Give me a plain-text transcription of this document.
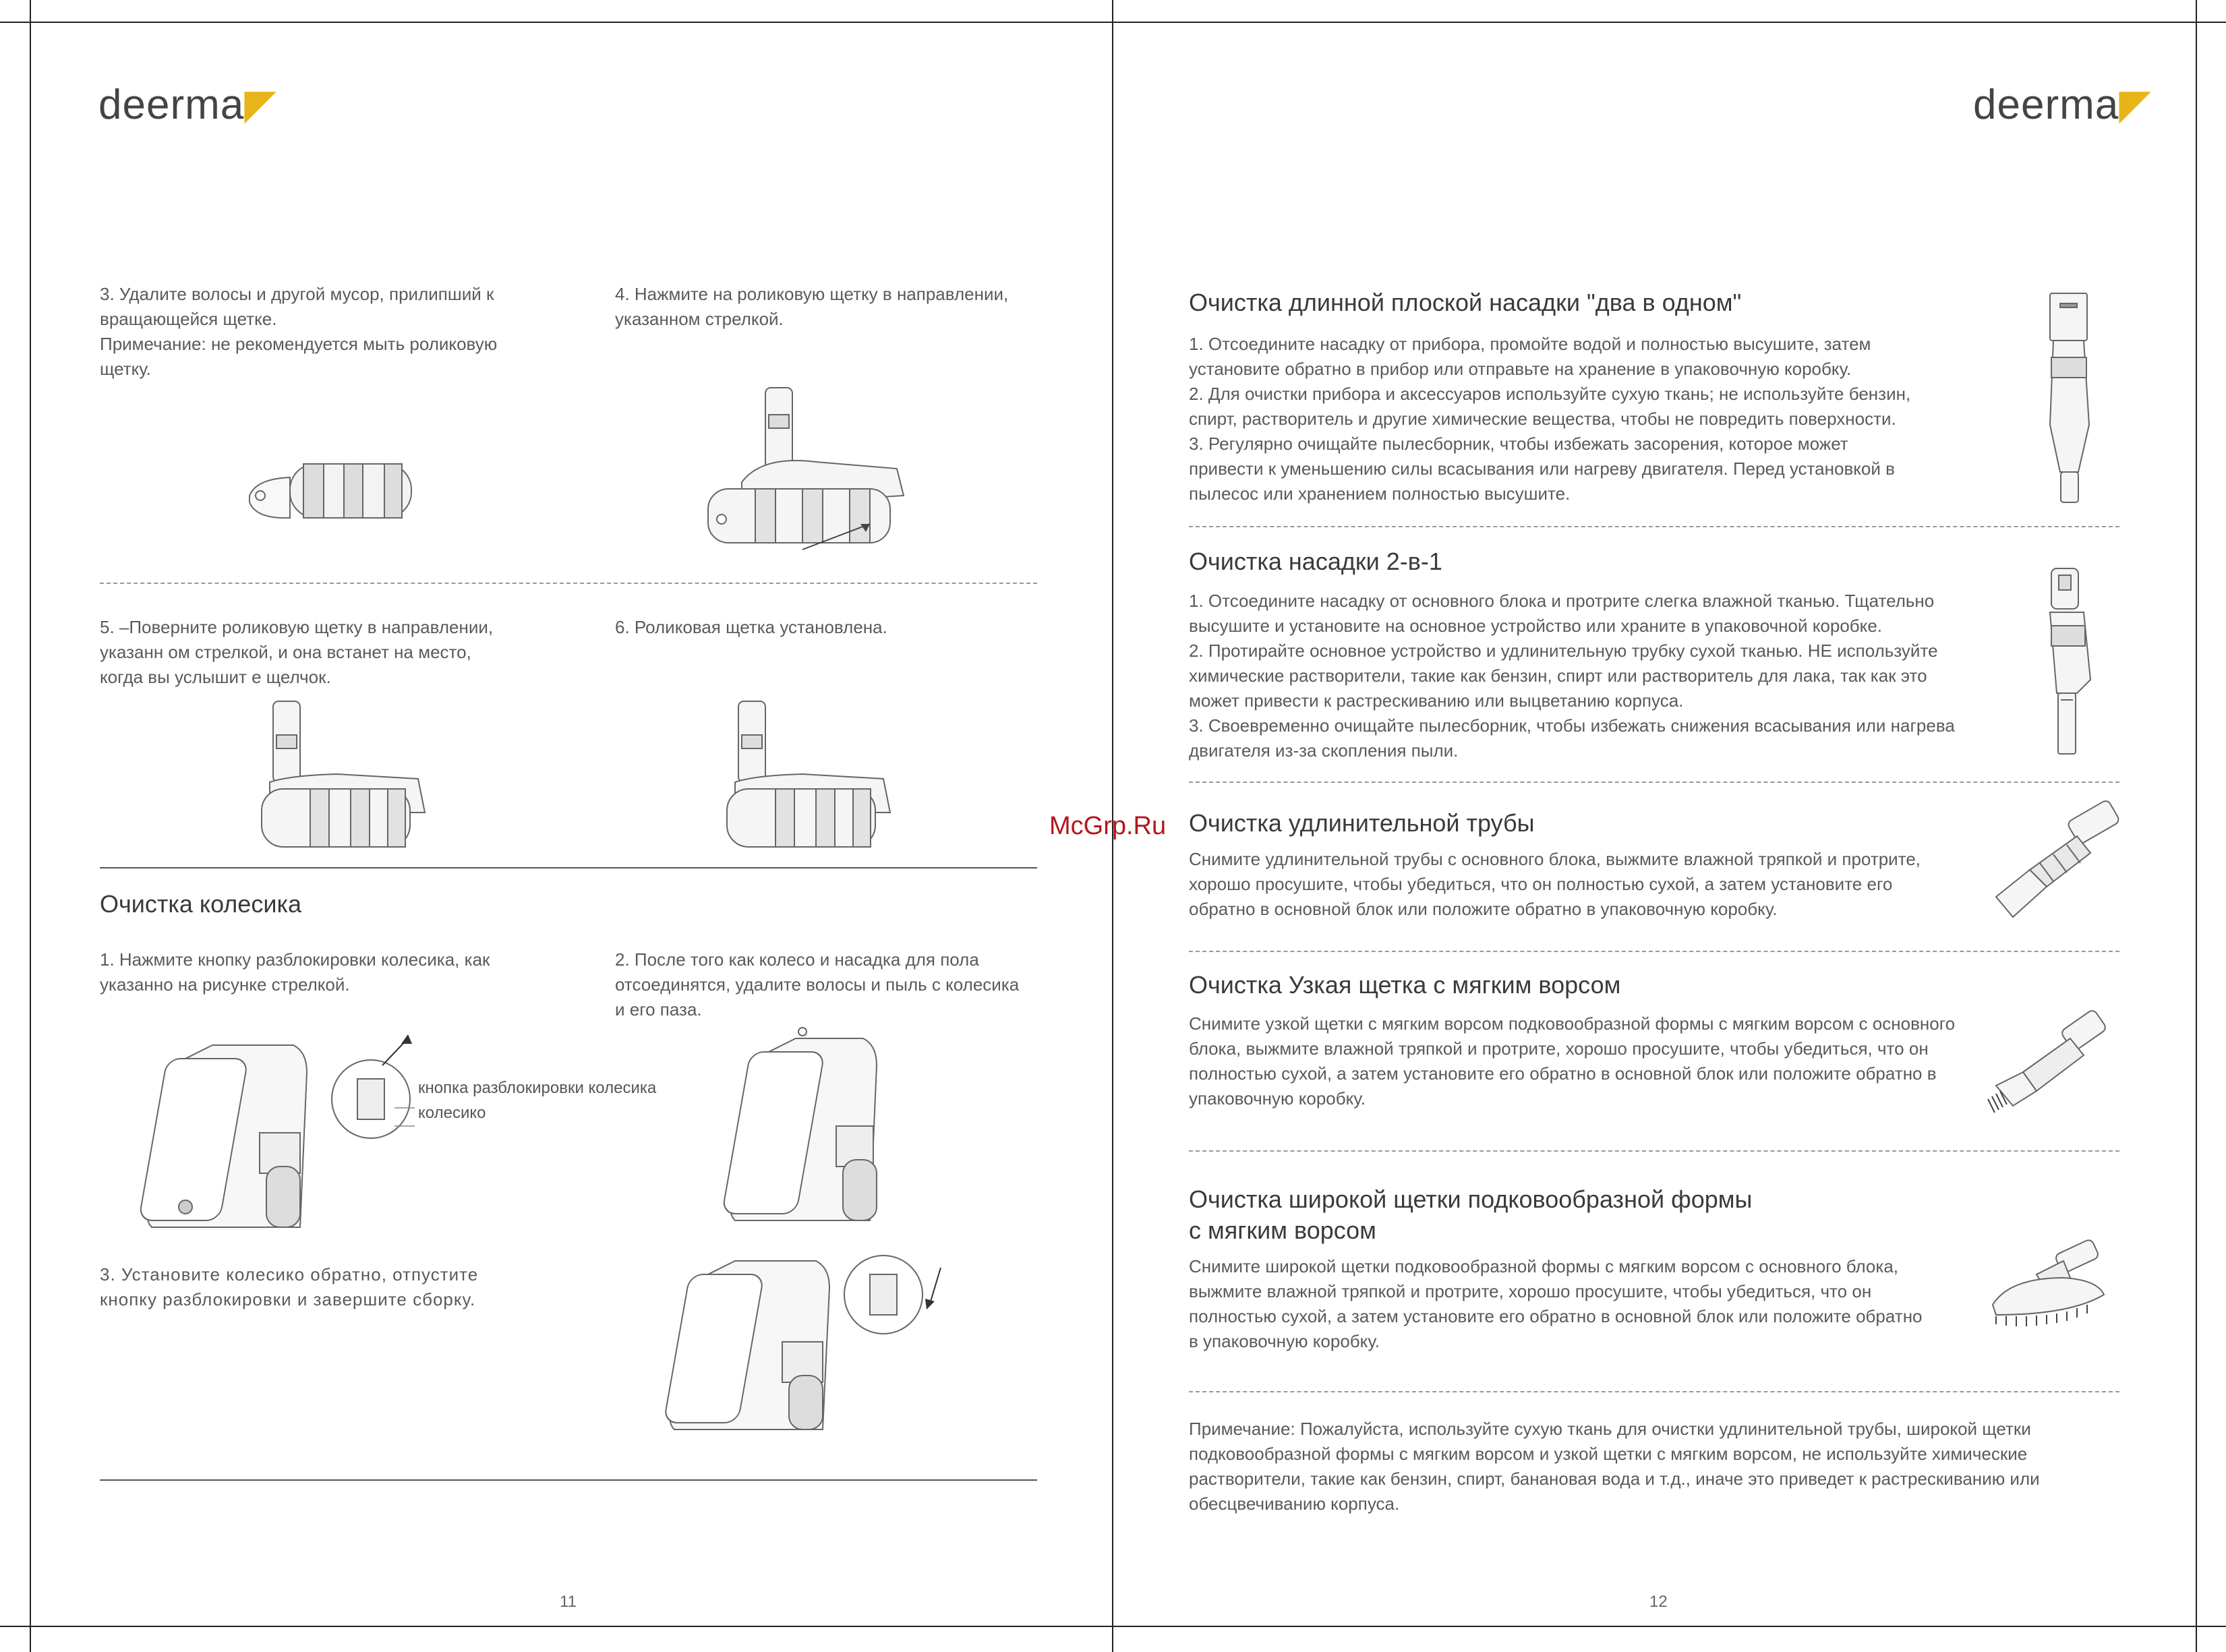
deerma◤	deerma◤
3. Удалите волосы и другой мусор, прилипший к
вращающейся щетке.
Примечание: не рекомендуется мыть роликовую
щетку.
4. Нажмите на роликовую щетку в направлении,
указанном стрелкой.
5. –Поверните роликовую щетку в направлении,
указанн ом стрелкой, и она встанет на место,
когда вы услышит е щелчок.
6. Роликовая щетка установлена.
Очистка колесика
1. Нажмите кнопку разблокировки колесика, как
указанно на рисунке стрелкой.
2. После того как колесо и насадка для пола
отсоединятся, удалите волосы и пыль с колесика
и его паза.
кнопка разблокировки колесика
колесико
3. Установите колесико обратно, отпустите
кнопку разблокировки и завершите сборку.
11
McGrp.Ru
Очистка длинной плоской насадки "два в одном"
1. Отсоедините насадку от прибора, промойте водой и полностью высушите, затем
установите обратно в прибор или отправьте на хранение в упаковочную коробку.
2. Для очистки прибора и аксессуаров используйте сухую ткань; не используйте бензин,
спирт, растворитель и другие химические вещества, чтобы не повредить поверхности.
3. Регулярно очищайте пылесборник, чтобы избежать засорения, которое может
привести к уменьшению силы всасывания или нагреву двигателя. Перед установкой в
пылесос или хранением полностью высушите.
Очистка насадки 2-в-1
1. Отсоедините насадку от основного блока и протрите слегка влажной тканью. Тщательно
высушите и установите на основное устройство или храните в упаковочной коробке.
2. Протирайте основное устройство и удлинительную трубку сухой тканью. НЕ используйте
химические растворители, такие как бензин, спирт или растворитель для лака, так как это
может привести к растрескиванию или выцветанию корпуса.
3. Своевременно очищайте пылесборник, чтобы избежать снижения всасывания или нагрева
двигателя из-за скопления пыли.
Очистка удлинительной трубы
Снимите удлинительной трубы с основного блока, выжмите влажной тряпкой и протрите,
хорошо просушите, чтобы убедиться, что он полностью сухой, а затем установите его
обратно в основной блок или положите обратно в упаковочную коробку.
Очистка Узкая щетка с мягким ворсом
Снимите узкой щетки с мягким ворсом подковообразной формы с мягким ворсом с основного
блока, выжмите влажной тряпкой и протрите, хорошо просушите, чтобы убедиться, что он
полностью сухой, а затем установите его обратно в основной блок или положите обратно в
упаковочную коробку.
Очистка широкой щетки подковообразной формы
с мягким ворсом
Снимите широкой щетки подковообразной формы с мягким ворсом с основного блока,
выжмите влажной тряпкой и протрите, хорошо просушите, чтобы убедиться, что он
полностью сухой, а затем установите его обратно в основной блок или положите обратно
в упаковочную коробку.
Примечание: Пожалуйста, используйте сухую ткань для очистки удлинительной трубы, широкой щетки
подковообразной формы с мягким ворсом и узкой щетки с мягким ворсом, не используйте химические
растворители, такие как бензин, спирт, банановая вода и т.д., иначе это приведет к растрескиванию или
обесцвечиванию корпуса.
12
